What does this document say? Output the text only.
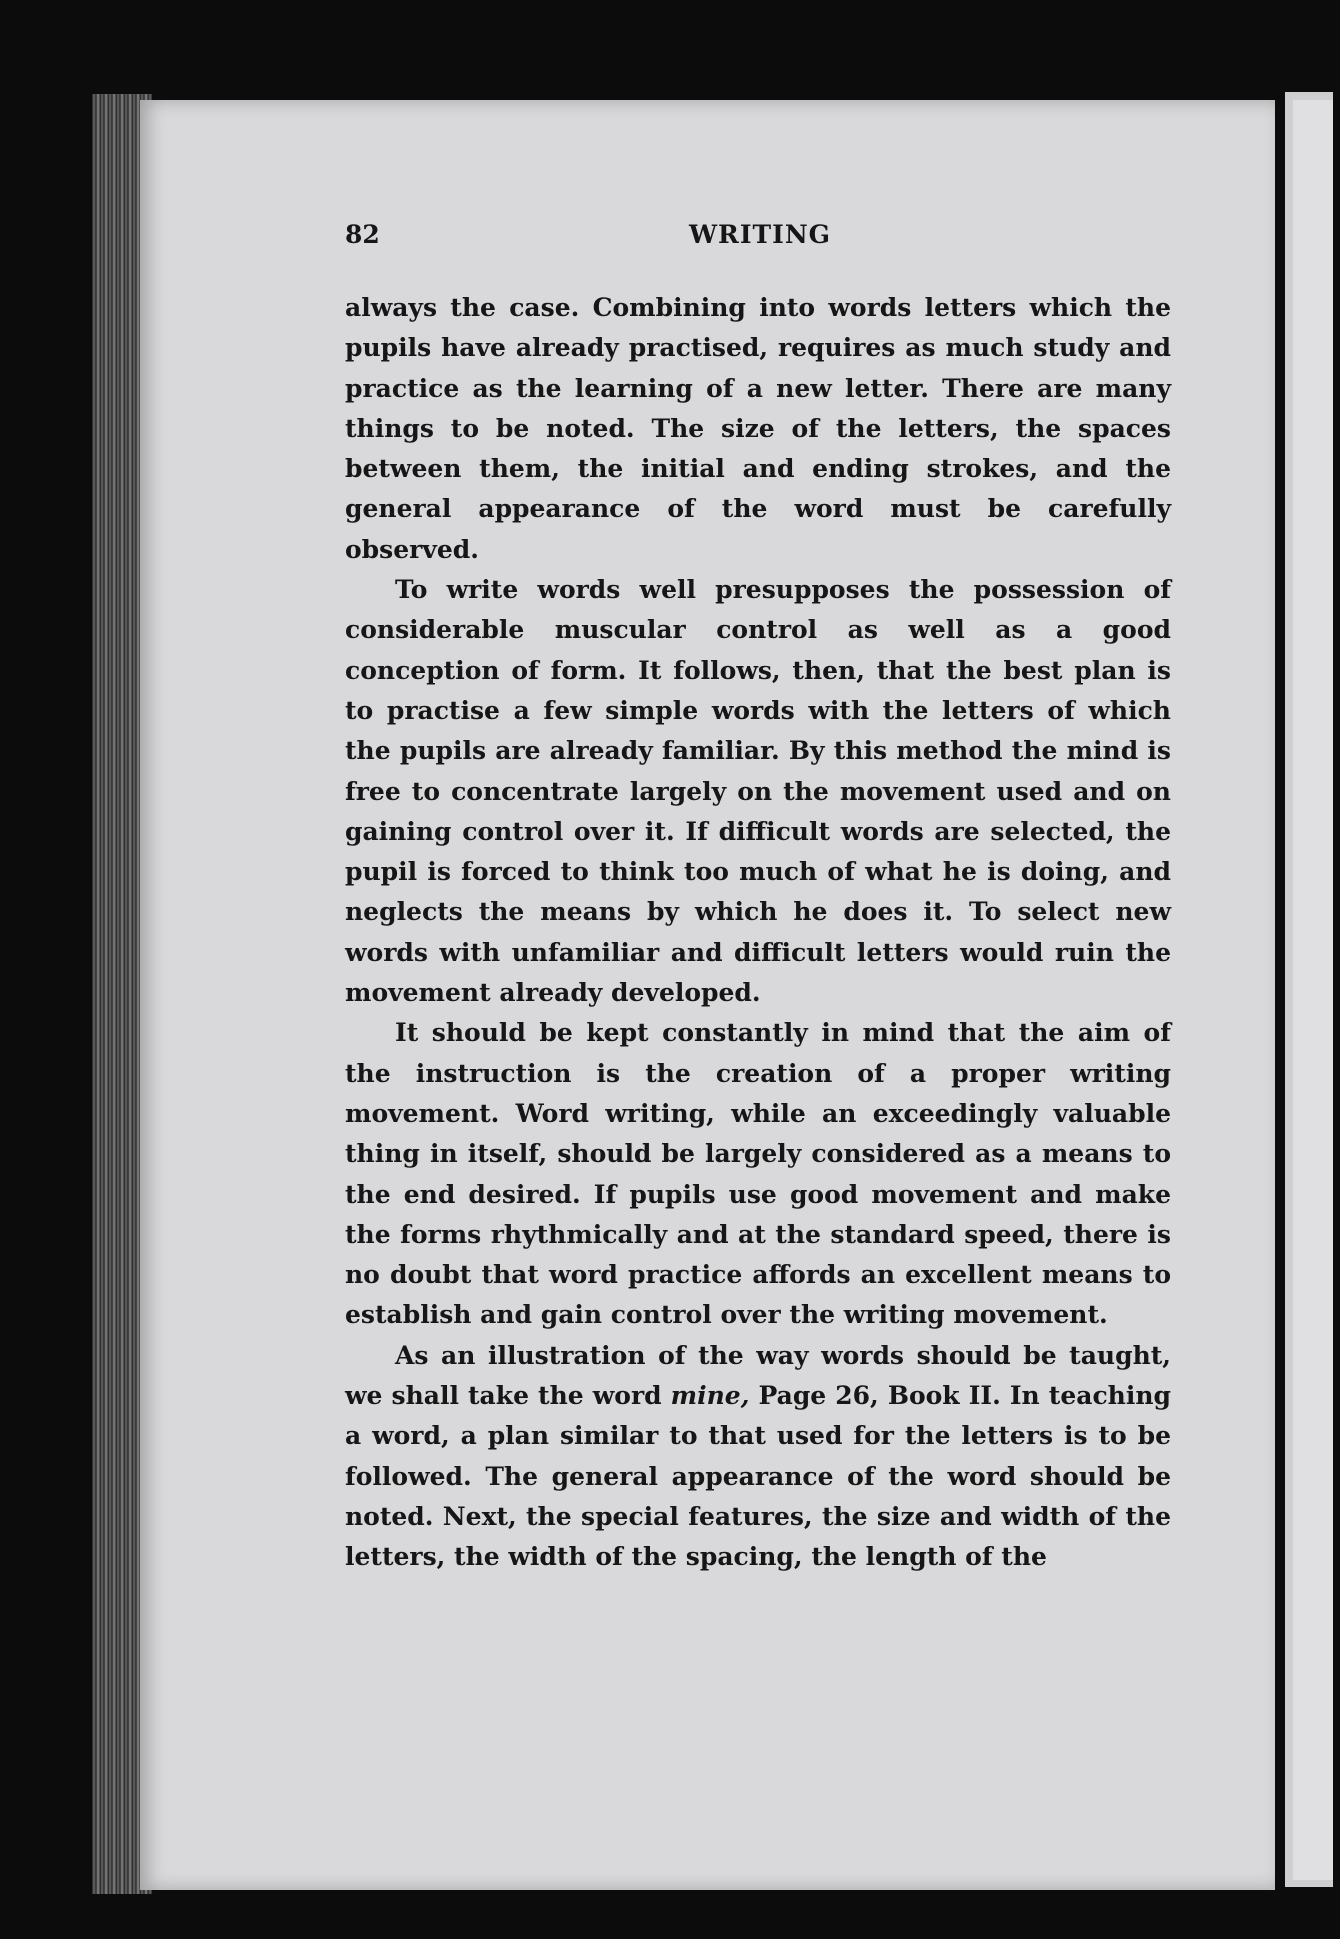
82	WRITING

always the case. Combining into words letters which the pupils have already practised, requires as much study and practice as the learning of a new letter. There are many things to be noted. The size of the letters, the spaces between them, the initial and ending strokes, and the general appearance of the word must be carefully observed.

To write words well presupposes the possession of considerable muscular control as well as a good conception of form. It follows, then, that the best plan is to practise a few simple words with the letters of which the pupils are already familiar. By this method the mind is free to concentrate largely on the movement used and on gaining control over it. If difficult words are selected, the pupil is forced to think too much of what he is doing, and neglects the means by which he does it. To select new words with unfamiliar and difficult letters would ruin the movement already developed.

It should be kept constantly in mind that the aim of the instruction is the creation of a proper writing movement. Word writing, while an exceedingly valuable thing in itself, should be largely considered as a means to the end desired. If pupils use good movement and make the forms rhythmically and at the standard speed, there is no doubt that word practice affords an excellent means to establish and gain control over the writing movement.

As an illustration of the way words should be taught, we shall take the word mine, Page 26, Book II. In teaching a word, a plan similar to that used for the letters is to be followed. The general appearance of the word should be noted. Next, the special features, the size and width of the letters, the width of the spacing, the length of the
